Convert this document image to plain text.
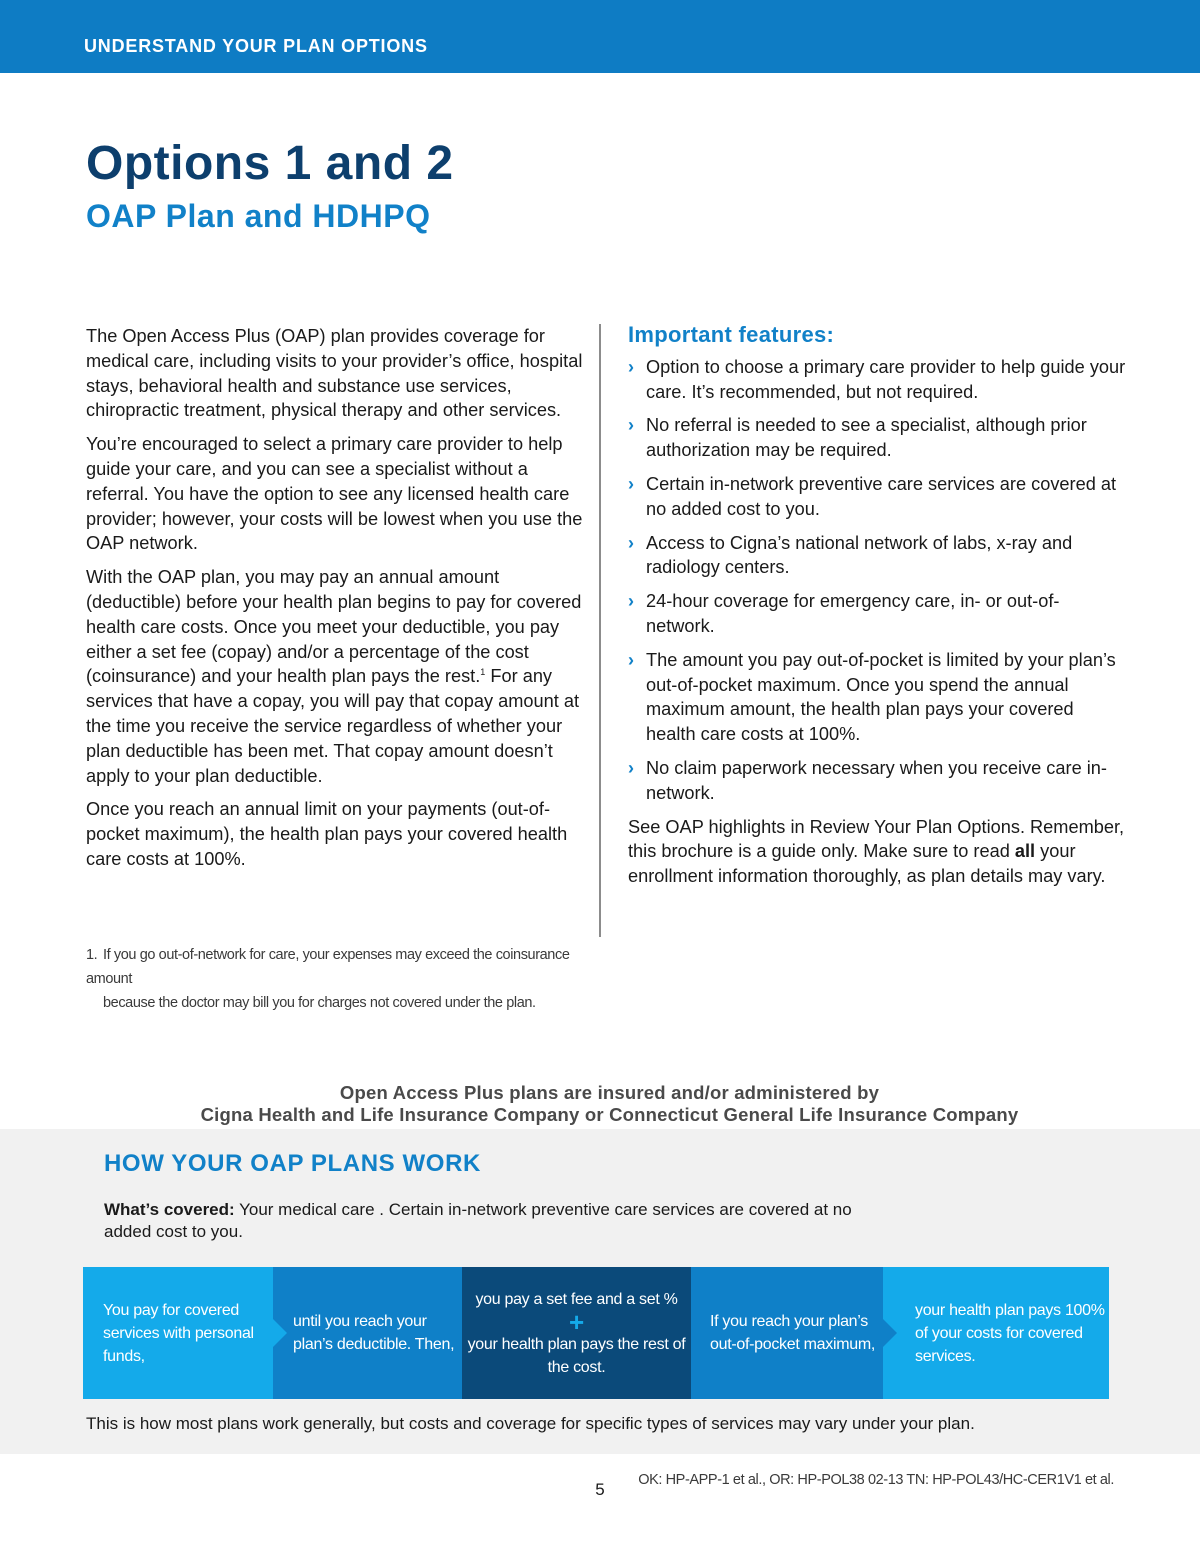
UNDERSTAND YOUR PLAN OPTIONS
Options 1 and 2
OAP Plan and HDHPQ

The Open Access Plus (OAP) plan provides coverage for medical care, including visits to your provider’s office, hospital stays, behavioral health and substance use services, chiropractic treatment, physical therapy and other services.

You’re encouraged to select a primary care provider to help guide your care, and you can see a specialist without a referral. You have the option to see any licensed health care provider; however, your costs will be lowest when you use the OAP network.

With the OAP plan, you may pay an annual amount (deductible) before your health plan begins to pay for covered health care costs. Once you meet your deductible, you pay either a set fee (copay) and/or a percentage of the cost (coinsurance) and your health plan pays the rest.$^1$ For any services that have a copay, you will pay that copay amount at the time you receive the service regardless of whether your plan deductible has been met. That copay amount doesn’t apply to your plan deductible.

Once you reach an annual limit on your payments (out-of-pocket maximum), the health plan pays your covered health care costs at 100%.

Important features:
› Option to choose a primary care provider to help guide your care. It’s recommended, but not required.
› No referral is needed to see a specialist, although prior authorization may be required.
› Certain in-network preventive care services are covered at no added cost to you.
› Access to Cigna’s national network of labs, x-ray and radiology centers.
› 24-hour coverage for emergency care, in- or out-of-network.
› The amount you pay out-of-pocket is limited by your plan’s out-of-pocket maximum. Once you spend the annual maximum amount, the health plan pays your covered health care costs at 100%.
› No claim paperwork necessary when you receive care in-network.

See OAP highlights in Review Your Plan Options. Remember, this brochure is a guide only. Make sure to read all your enrollment information thoroughly, as plan details may vary.

1. If you go out-of-network for care, your expenses may exceed the coinsurance amount
because the doctor may bill you for charges not covered under the plan.
Open Access Plus plans are insured and/or administered by
Cigna Health and Life Insurance Company or Connecticut General Life Insurance Company
HOW YOUR OAP PLANS WORK
What’s covered: Your medical care . Certain in-network preventive care services are covered at no added cost to you.
You pay for covered services with personal funds,
until you reach your plan’s deductible. Then,
you pay a set fee and a set %
+
your health plan pays the rest of the cost.
If you reach your plan’s out-of-pocket maximum,
your health plan pays 100% of your costs for covered services.
This is how most plans work generally, but costs and coverage for specific types of services may vary under your plan.
5	OK: HP-APP-1 et al., OR: HP-POL38 02-13 TN: HP-POL43/HC-CER1V1 et al.
